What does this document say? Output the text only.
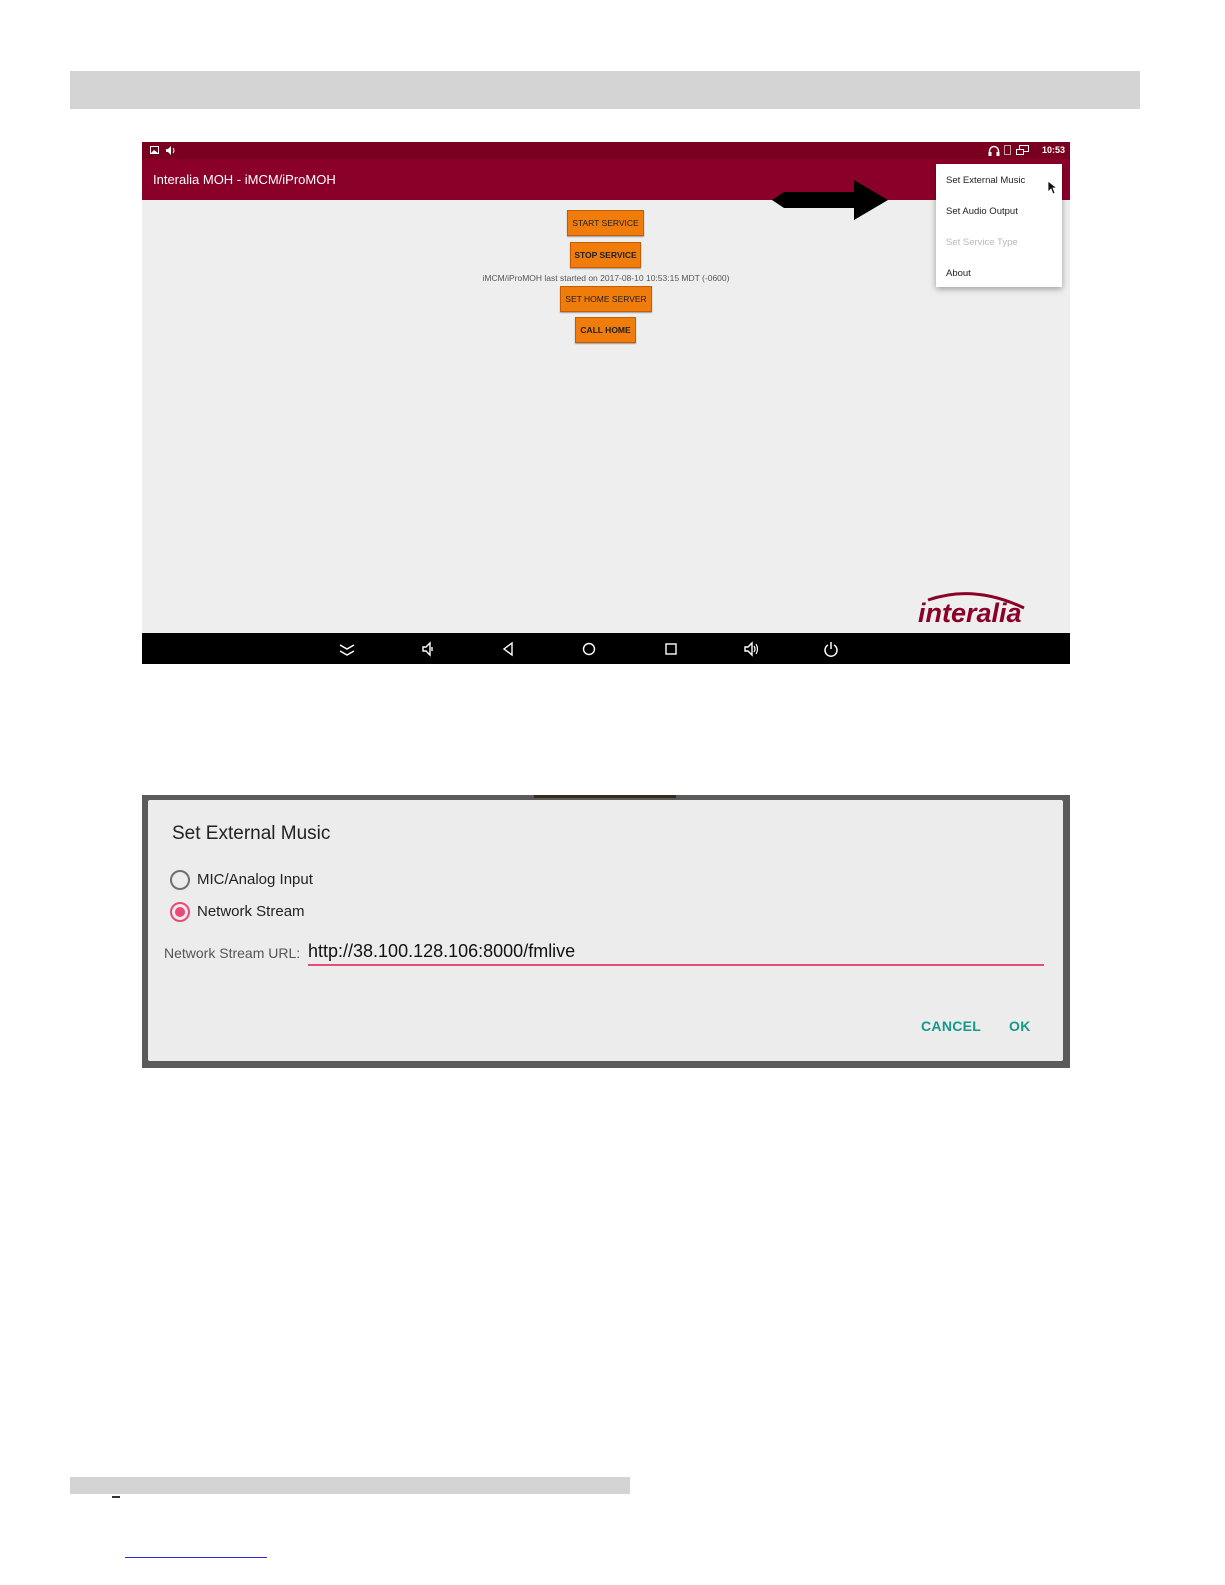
10:53
Interalia MOH - iMCM/iProMOH
START SERVICE
STOP SERVICE
iMCM/iProMOH last started on 2017-08-10 10:53:15 MDT (-0600)
SET HOME SERVER
CALL HOME
Set External Music
Set Audio Output
Set Service Type
About
interalia
Set External Music
MIC/Analog Input
Network Stream
Network Stream URL:
http://38.100.128.106:8000/fmlive
CANCEL OK
